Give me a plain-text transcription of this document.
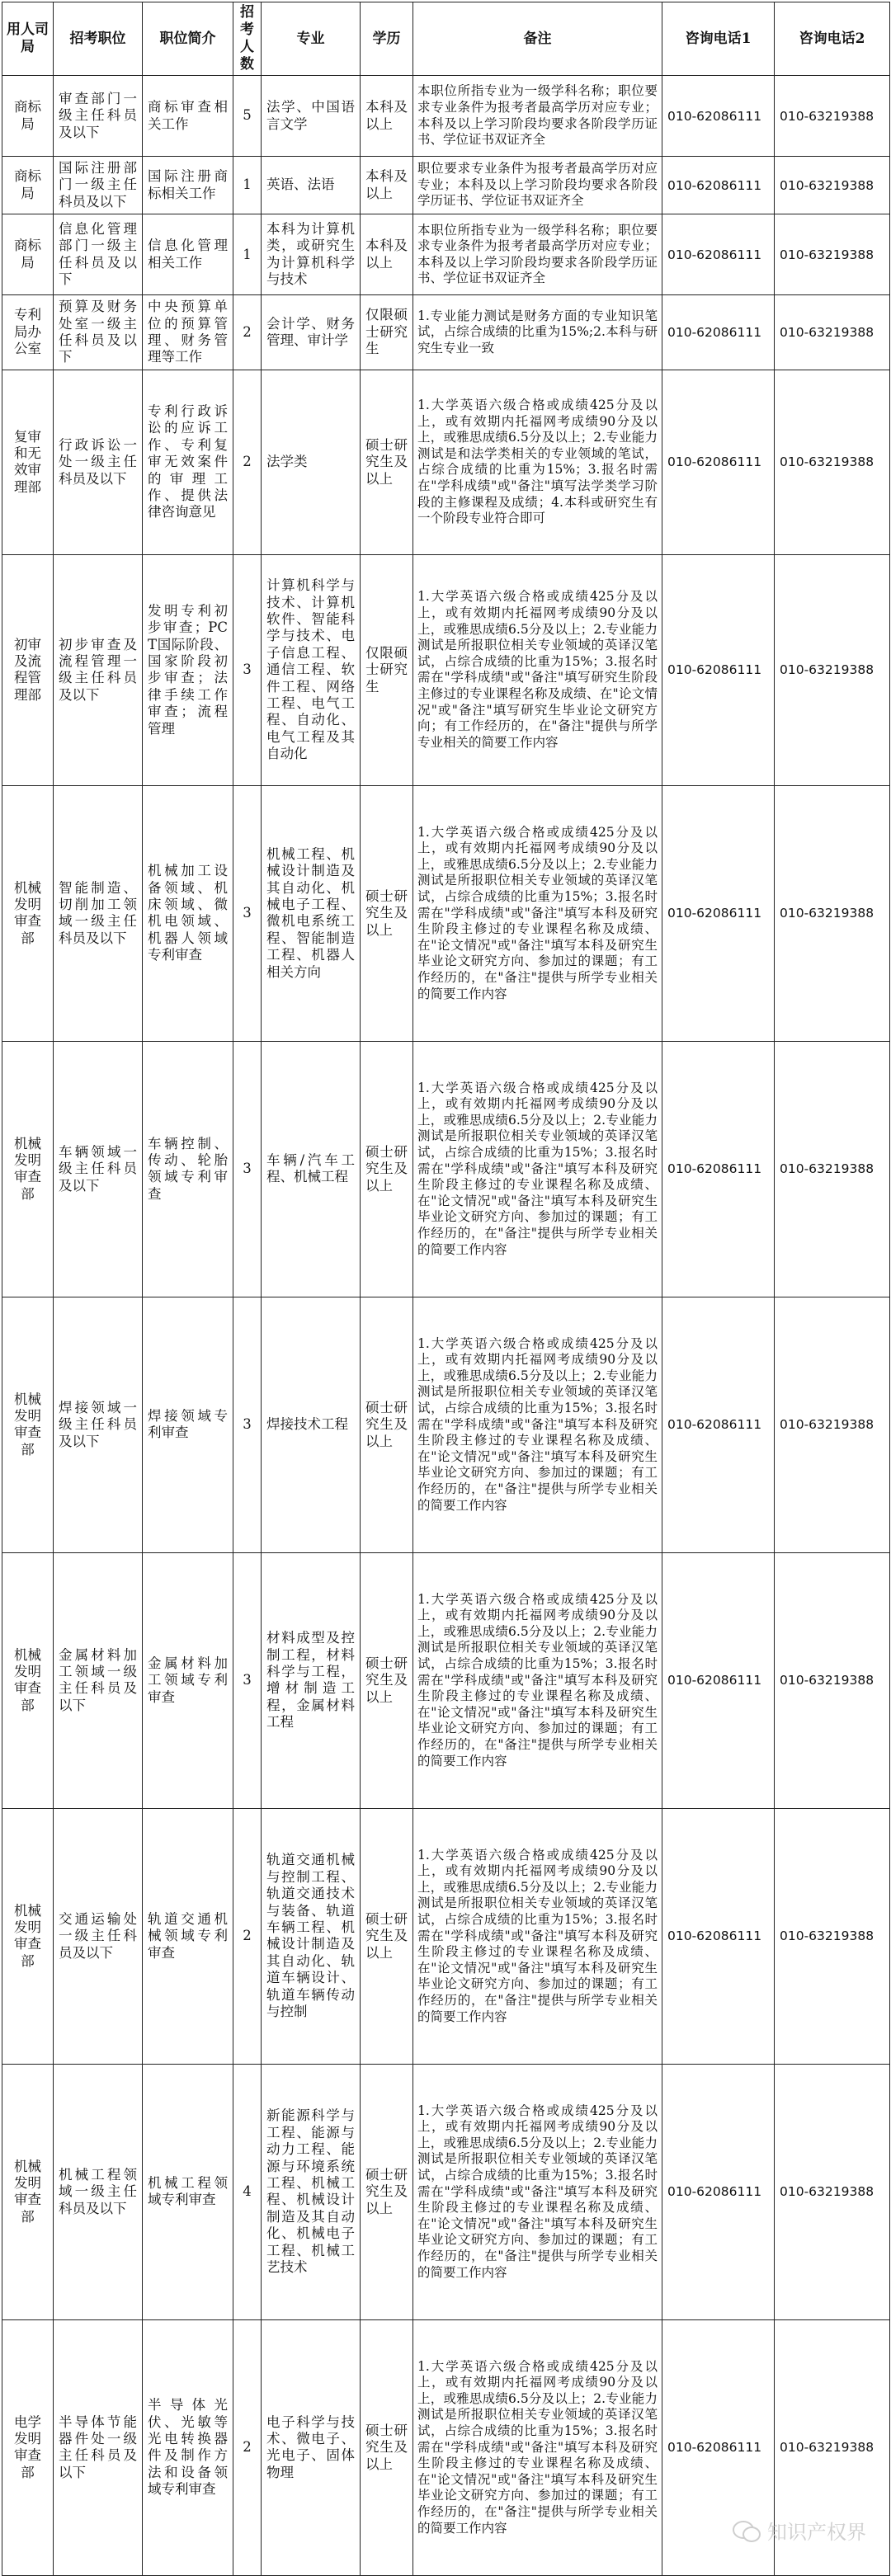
用人司局	招考职位	职位简介	招考人数	专业	学历	备注	咨询电话1	咨询电话2
商标局	审查部门一级主任科员及以下	商标审查相关工作	5	法学、中国语言文学	本科及以上	本职位所指专业为一级学科名称；职位要求专业条件为报考者最高学历对应专业；本科及以上学习阶段均要求各阶段学历证书、学位证书双证齐全	010-62086111	010-63219388
商标局	国际注册部门一级主任科员及以下	国际注册商标相关工作	1	英语、法语	本科及以上	职位要求专业条件为报考者最高学历对应专业；本科及以上学习阶段均要求各阶段学历证书、学位证书双证齐全	010-62086111	010-63219388
商标局	信息化管理部门一级主任科员及以下	信息化管理相关工作	1	本科为计算机类，或研究生为计算机科学与技术	本科及以上	本职位所指专业为一级学科名称；职位要求专业条件为报考者最高学历对应专业；本科及以上学习阶段均要求各阶段学历证书、学位证书双证齐全	010-62086111	010-63219388
专利局办公室	预算及财务处室一级主任科员及以下	中央预算单位的预算管理、财务管理等工作	2	会计学、财务管理、审计学	仅限硕士研究生	1.专业能力测试是财务方面的专业知识笔试，占综合成绩的比重为15%;2.本科与研究生专业一致	010-62086111	010-63219388
复审和无效审理部	行政诉讼一处一级主任科员及以下	专利行政诉讼的应诉工作、专利复审无效案件的审理工作、提供法律咨询意见	2	法学类	硕士研究生及以上	1.大学英语六级合格或成绩425分及以上，或有效期内托福网考成绩90分及以上，或雅思成绩6.5分及以上；2.专业能力测试是和法学类相关的专业领域的笔试，占综合成绩的比重为15%；3.报名时需在"学科成绩"或"备注"填写法学类学习阶段的主修课程及成绩；4.本科或研究生有一个阶段专业符合即可	010-62086111	010-63219388
初审及流程管理部	初步审查及流程管理一级主任科员及以下	发明专利初步审查；PCT国际阶段、国家阶段初步审查；法律手续工作审查；流程管理	3	计算机科学与技术、计算机软件、智能科学与技术、电子信息工程、通信工程、软件工程、网络工程、电气工程、自动化、电气工程及其自动化	仅限硕士研究生	1.大学英语六级合格或成绩425分及以上，或有效期内托福网考成绩90分及以上，或雅思成绩6.5分及以上；2.专业能力测试是所报职位相关专业领域的英译汉笔试，占综合成绩的比重为15%；3.报名时需在"学科成绩"或"备注"填写研究生阶段主修过的专业课程名称及成绩、在"论文情况"或"备注"填写研究生毕业论文研究方向；有工作经历的，在"备注"提供与所学专业相关的简要工作内容	010-62086111	010-63219388
机械发明审查部	智能制造、切削加工领域一级主任科员及以下	机械加工设备领域、机床领域、微机电领域、机器人领域专利审查	3	机械工程、机械设计制造及其自动化、机械电子工程、微机电系统工程、智能制造工程、机器人相关方向	硕士研究生及以上	1.大学英语六级合格或成绩425分及以上，或有效期内托福网考成绩90分及以上，或雅思成绩6.5分及以上；2.专业能力测试是所报职位相关专业领域的英译汉笔试，占综合成绩的比重为15%；3.报名时需在"学科成绩"或"备注"填写本科及研究生阶段主修过的专业课程名称及成绩、在"论文情况"或"备注"填写本科及研究生毕业论文研究方向、参加过的课题；有工作经历的，在"备注"提供与所学专业相关的简要工作内容	010-62086111	010-63219388
机械发明审查部	车辆领域一级主任科员及以下	车辆控制、传动、轮胎领域专利审查	3	车辆/汽车工程、机械工程	硕士研究生及以上	1.大学英语六级合格或成绩425分及以上，或有效期内托福网考成绩90分及以上，或雅思成绩6.5分及以上；2.专业能力测试是所报职位相关专业领域的英译汉笔试，占综合成绩的比重为15%；3.报名时需在"学科成绩"或"备注"填写本科及研究生阶段主修过的专业课程名称及成绩、在"论文情况"或"备注"填写本科及研究生毕业论文研究方向、参加过的课题；有工作经历的，在"备注"提供与所学专业相关的简要工作内容	010-62086111	010-63219388
机械发明审查部	焊接领域一级主任科员及以下	焊接领域专利审查	3	焊接技术工程	硕士研究生及以上	1.大学英语六级合格或成绩425分及以上，或有效期内托福网考成绩90分及以上，或雅思成绩6.5分及以上；2.专业能力测试是所报职位相关专业领域的英译汉笔试，占综合成绩的比重为15%；3.报名时需在"学科成绩"或"备注"填写本科及研究生阶段主修过的专业课程名称及成绩、在"论文情况"或"备注"填写本科及研究生毕业论文研究方向、参加过的课题；有工作经历的，在"备注"提供与所学专业相关的简要工作内容	010-62086111	010-63219388
机械发明审查部	金属材料加工领域一级主任科员及以下	金属材料加工领域专利审查	3	材料成型及控制工程，材料科学与工程，增材制造工程，金属材料工程	硕士研究生及以上	1.大学英语六级合格或成绩425分及以上，或有效期内托福网考成绩90分及以上，或雅思成绩6.5分及以上；2.专业能力测试是所报职位相关专业领域的英译汉笔试，占综合成绩的比重为15%；3.报名时需在"学科成绩"或"备注"填写本科及研究生阶段主修过的专业课程名称及成绩、在"论文情况"或"备注"填写本科及研究生毕业论文研究方向、参加过的课题；有工作经历的，在"备注"提供与所学专业相关的简要工作内容	010-62086111	010-63219388
机械发明审查部	交通运输处一级主任科员及以下	轨道交通机械领域专利审查	2	轨道交通机械与控制工程、轨道交通技术与装备、轨道车辆工程、机械设计制造及其自动化、轨道车辆设计、轨道车辆传动与控制	硕士研究生及以上	1.大学英语六级合格或成绩425分及以上，或有效期内托福网考成绩90分及以上，或雅思成绩6.5分及以上；2.专业能力测试是所报职位相关专业领域的英译汉笔试，占综合成绩的比重为15%；3.报名时需在"学科成绩"或"备注"填写本科及研究生阶段主修过的专业课程名称及成绩、在"论文情况"或"备注"填写本科及研究生毕业论文研究方向、参加过的课题；有工作经历的，在"备注"提供与所学专业相关的简要工作内容	010-62086111	010-63219388
机械发明审查部	机械工程领域一级主任科员及以下	机械工程领域专利审查	4	新能源科学与工程、能源与动力工程、能源与环境系统工程、机械工程、机械设计制造及其自动化、机械电子工程、机械工艺技术	硕士研究生及以上	1.大学英语六级合格或成绩425分及以上，或有效期内托福网考成绩90分及以上，或雅思成绩6.5分及以上；2.专业能力测试是所报职位相关专业领域的英译汉笔试，占综合成绩的比重为15%；3.报名时需在"学科成绩"或"备注"填写本科及研究生阶段主修过的专业课程名称及成绩、在"论文情况"或"备注"填写本科及研究生毕业论文研究方向、参加过的课题；有工作经历的，在"备注"提供与所学专业相关的简要工作内容	010-62086111	010-63219388
电学发明审查部	半导体节能器件处一级主任科员及以下	半导体光伏、光敏等光电转换器件及制作方法和设备领域专利审查	2	电子科学与技术、微电子、光电子、固体物理	硕士研究生及以上	1.大学英语六级合格或成绩425分及以上，或有效期内托福网考成绩90分及以上，或雅思成绩6.5分及以上；2.专业能力测试是所报职位相关专业领域的英译汉笔试，占综合成绩的比重为15%；3.报名时需在"学科成绩"或"备注"填写本科及研究生阶段主修过的专业课程名称及成绩、在"论文情况"或"备注"填写本科及研究生毕业论文研究方向、参加过的课题；有工作经历的，在"备注"提供与所学专业相关的简要工作内容	010-62086111	010-63219388
知识产权界
